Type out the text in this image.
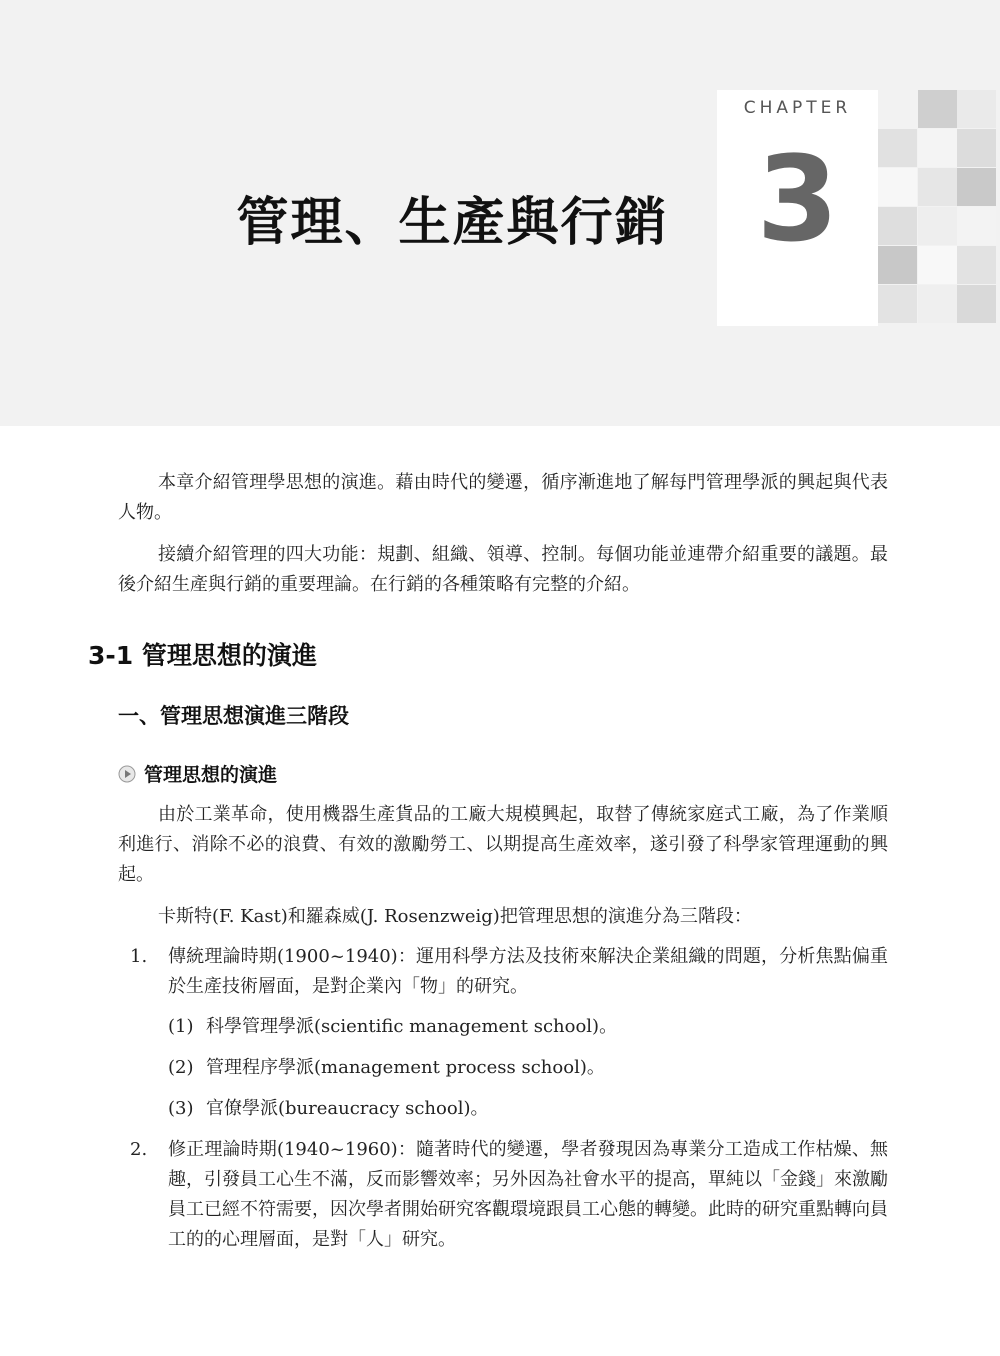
CHAPTER
3
管理、生產與行銷

本章介紹管理學思想的演進。藉由時代的變遷，循序漸進地了解每門管理學派的興起與代表人物。

接續介紹管理的四大功能：規劃、組織、領導、控制。每個功能並連帶介紹重要的議題。最後介紹生產與行銷的重要理論。在行銷的各種策略有完整的介紹。

3-1 管理思想的演進
一、管理思想演進三階段
管理思想的演進

由於工業革命，使用機器生產貨品的工廠大規模興起，取替了傳統家庭式工廠，為了作業順利進行、消除不必的浪費、有效的激勵勞工、以期提高生產效率，遂引發了科學家管理運動的興起。

卡斯特(F. Kast)和羅森威(J. Rosenzweig)把管理思想的演進分為三階段：

1.	傳統理論時期(1900~1940)：運用科學方法及技術來解決企業組織的問題，分析焦點偏重於生產技術層面，是對企業內「物」的研究。
(1) 科學管理學派(scientific management school)。
(2) 管理程序學派(management process school)。
(3) 官僚學派(bureaucracy school)。
2.	修正理論時期(1940~1960)：隨著時代的變遷，學者發現因為專業分工造成工作枯燥、無趣，引發員工心生不滿，反而影響效率；另外因為社會水平的提高，單純以「金錢」來激勵員工已經不符需要，因次學者開始研究客觀環境跟員工心態的轉變。此時的研究重點轉向員工的的心理層面，是對「人」研究。
